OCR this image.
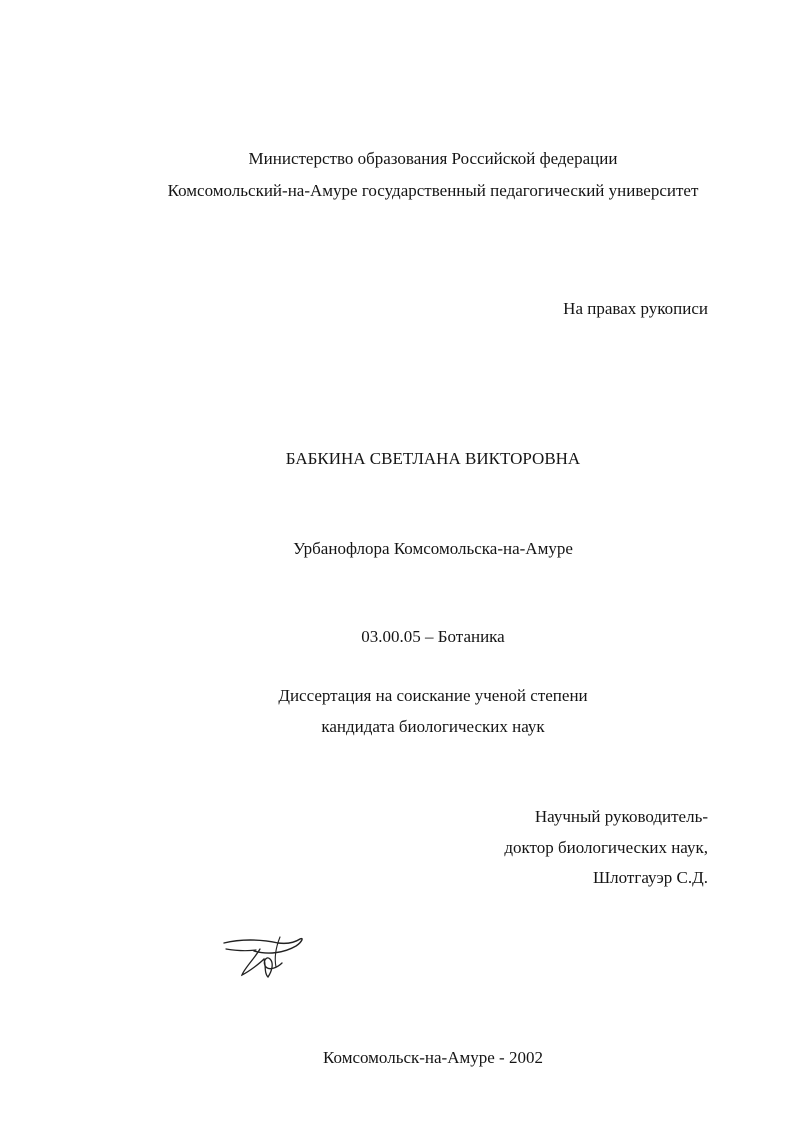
Министерство образования Российской федерации
Комсомольский-на-Амуре государственный педагогический университет
На правах рукописи
БАБКИНА СВЕТЛАНА ВИКТОРОВНА
Урбанофлора Комсомольска-на-Амуре
03.00.05 – Ботаника
Диссертация на соискание ученой степени
кандидата биологических наук
Научный руководитель-
доктор биологических наук,
Шлотгауэр С.Д.
Комсомольск-на-Амуре - 2002
